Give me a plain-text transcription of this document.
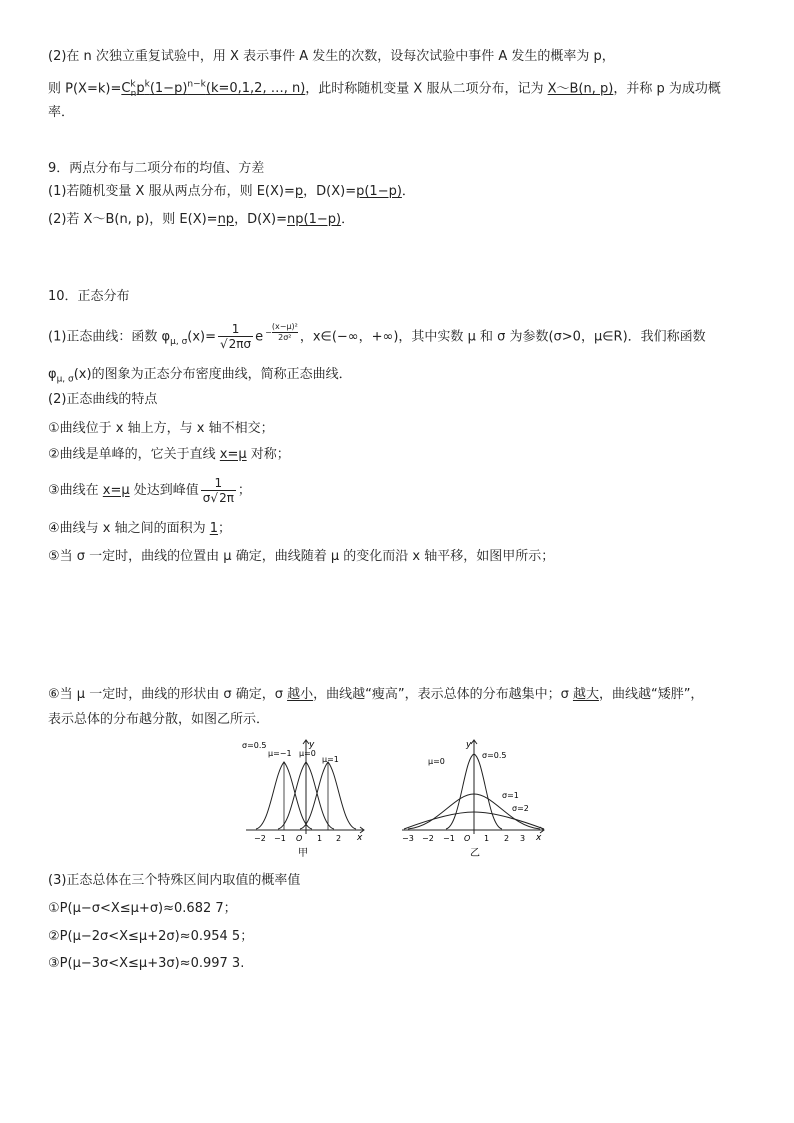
(2)在 n 次独立重复试验中，用 X 表示事件 A 发生的次数，设每次试验中事件 A 发生的概率为 p，
则 $P(X=k)=C^k_np^k(1-p)^{n-k}(k=0,1,2$, …, n)，此时称随机变量 X 服从二项分布，记为 X～B(n, p)，并称 p 为成功概
率．
9．两点分布与二项分布的均值、方差
(1)若随机变量 X 服从两点分布，则 E(X)=p，D(X)=p(1−p)．
(2)若 X～B(n, p)，则 E(X)=np，D(X)=np(1−p)．
10．正态分布
(1)正态曲线：函数 $\varphi_{\mu, \sigma}(x)= \frac{1}{√2\pi\sigma}$ $e - \frac{\text{(x−μ)²}}{\text{2σ²}}$ ，x∈(−∞，+∞)，其中实数 μ 和 σ 为参数(σ>0，μ∈R)．我们称函数
$\varphi_{\mu, \sigma}(x)$的图象为正态分布密度曲线，简称正态曲线．
(2)正态曲线的特点
①曲线位于 x 轴上方，与 x 轴不相交；
②曲线是单峰的，它关于直线 x=μ 对称；
③曲线在 x=μ 处达到峰值 $\frac{1}{\sigma√2\pi}$ ；
④曲线与 x 轴之间的面积为 1；
⑤当 σ 一定时，曲线的位置由 μ 确定，曲线随着 μ 的变化而沿 x 轴平移，如图甲所示；
⑥当 μ 一定时，曲线的形状由 σ 确定，σ 越小，曲线越“瘦高”，表示总体的分布越集中；σ 越大，曲线越“矮胖”，
表示总体的分布越分散，如图乙所示．
y
σ=0.5
μ=−1 μ=0
μ=1
−2 −1 O 1 2 x
甲
y
μ=0
σ=0.5
σ=1
σ=2
−3 −2 −1 O 1 2 3 x
乙
(3)正态总体在三个特殊区间内取值的概率值
①P(μ−σ<X≤μ+σ)≈0.682 7；
②P(μ−2σ<X≤μ+2σ)≈0.954 5；
③P(μ−3σ<X≤μ+3σ)≈0.997 3.
